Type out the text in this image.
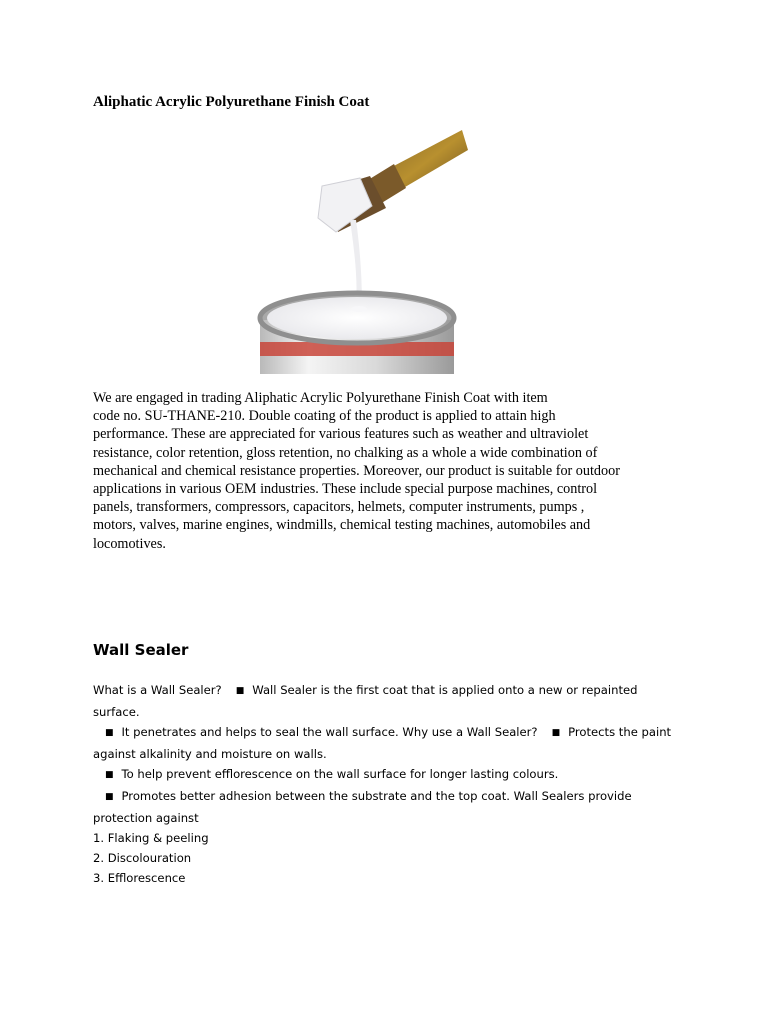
Aliphatic Acrylic Polyurethane Finish Coat

We are engaged in trading Aliphatic Acrylic Polyurethane Finish Coat with item
code no. SU-THANE-210. Double coating of the product is applied to attain high
performance. These are appreciated for various features such as weather and ultraviolet
resistance, color retention, gloss retention, no chalking as a whole a wide combination of
mechanical and chemical resistance properties. Moreover, our product is suitable for outdoor
applications in various OEM industries. These include special purpose machines, control
panels, transformers, compressors, capacitors, helmets, computer instruments, pumps ,
motors, valves, marine engines, windmills, chemical testing machines, automobiles and
locomotives.

Wall Sealer
What is a Wall Sealer? ■ Wall Sealer is the first coat that is applied onto a new or repainted
surface.
■ It penetrates and helps to seal the wall surface. Why use a Wall Sealer? ■ Protects the paint
against alkalinity and moisture on walls.
■ To help prevent efflorescence on the wall surface for longer lasting colours.
■ Promotes better adhesion between the substrate and the top coat. Wall Sealers provide
protection against
1. Flaking & peeling
2. Discolouration
3. Efflorescence
